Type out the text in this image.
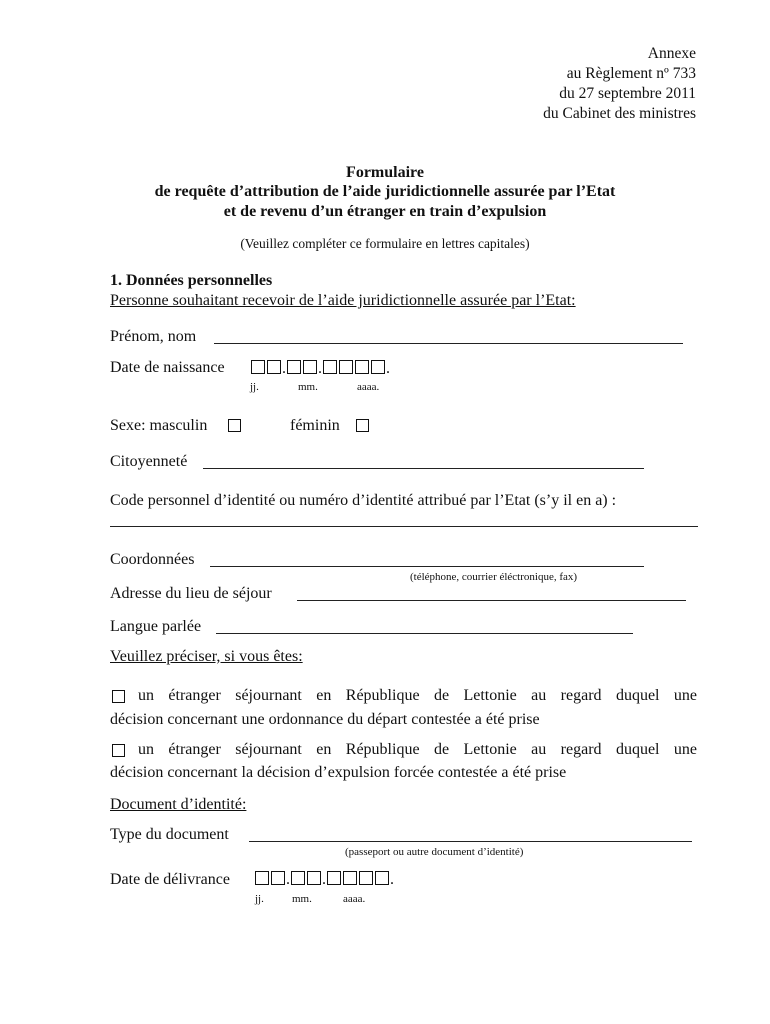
Annexe
au Règlement nº 733
du 27 septembre 2011
du Cabinet des ministres
Formulaire
de requête d’attribution de l’aide juridictionnelle assurée par l’Etat
et de revenu d’un étranger en train d’expulsion
(Veuillez compléter ce formulaire en lettres capitales)
1. Données personnelles
Personne souhaitant recevoir de l’aide juridictionnelle assurée par l’Etat:
Prénom, nom
Date de naissance	. .	.
jj.	mm.	aaaa.
Sexe: masculin	féminin
Citoyenneté
Code personnel d’identité ou numéro d’identité attribué par l’Etat (s’y il en a) :
Coordonnées
(téléphone, courrier éléctronique, fax)
Adresse du lieu de séjour
Langue parlée
Veuillez préciser, si vous êtes:
un étranger séjournant en République de Lettonie au regard duquel une
décision concernant une ordonnance du départ contestée a été prise
un étranger séjournant en République de Lettonie au regard duquel une
décision concernant la décision d’expulsion forcée contestée a été prise
Document d’identité:
Type du document
(passeport ou autre document d’identité)
Date de délivrance	. .	.
jj.	mm.	aaaa.
